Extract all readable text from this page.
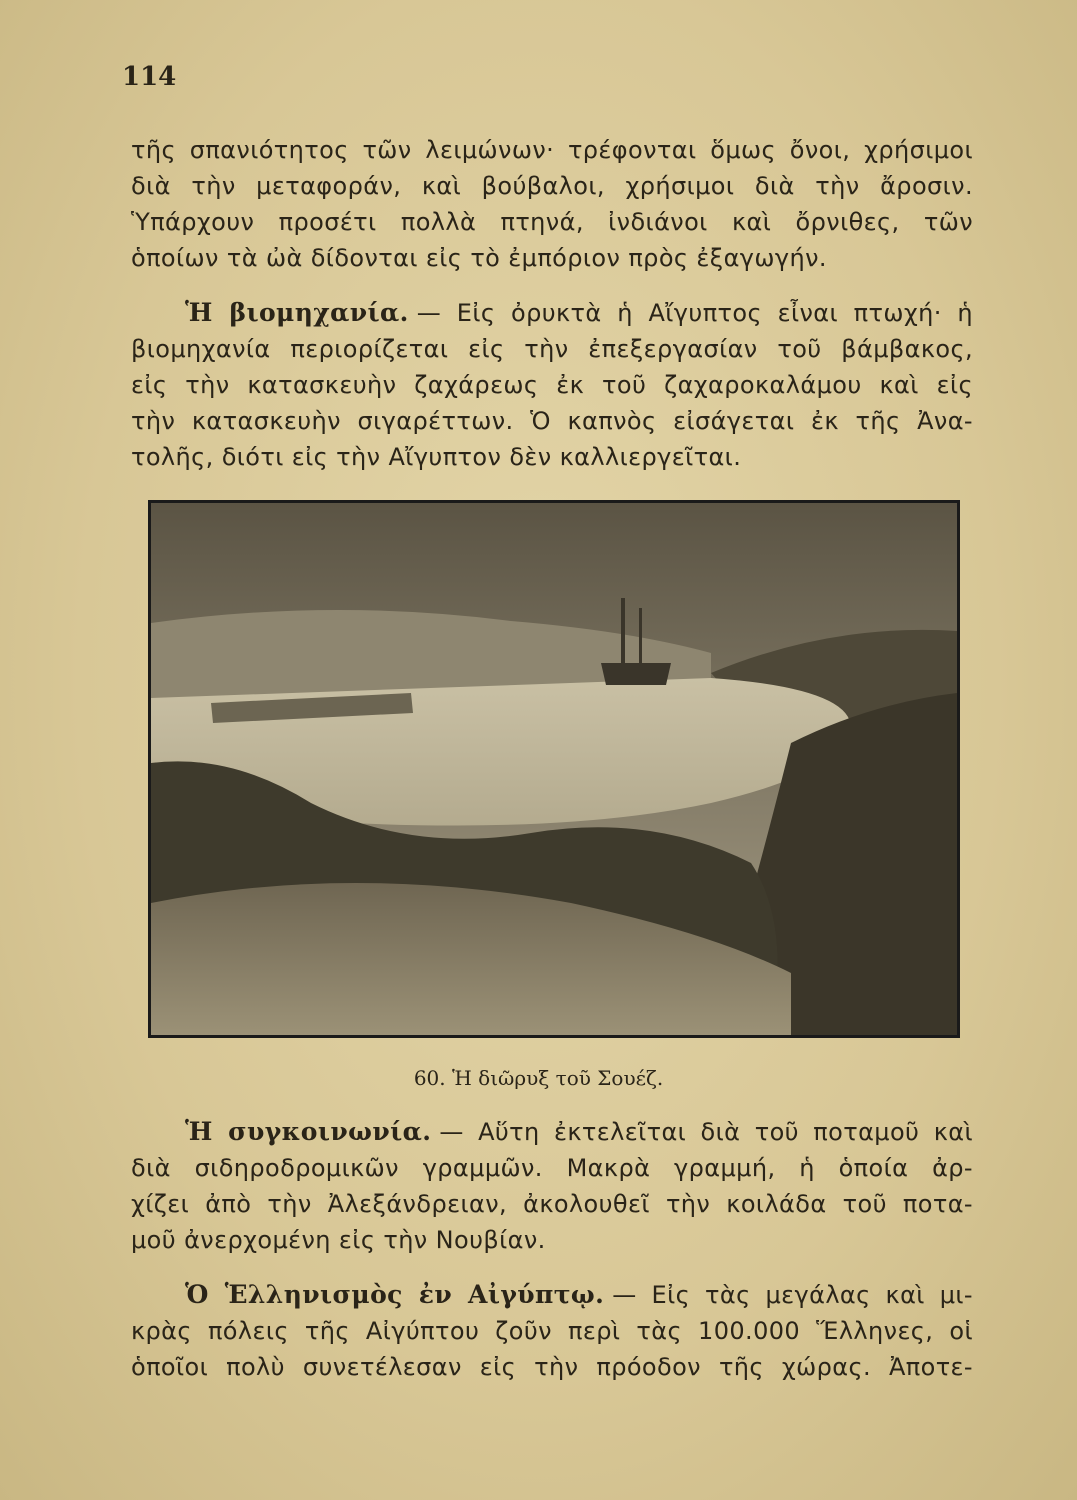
114
τῆς σπανιότητος τῶν λειμώνων· τρέφονται ὅμως ὄνοι, χρήσιμοι
διὰ τὴν μεταφοράν, καὶ βούβαλοι, χρήσιμοι διὰ τὴν ἄροσιν.
Ὑπάρχουν προσέτι πολλὰ πτηνά, ἰνδιάνοι καὶ ὄρνιθες, τῶν
ὁποίων τὰ ὠὰ δίδονται εἰς τὸ ἐμπόριον πρὸς ἐξαγωγήν.
Ἡ βιομηχανία. — Εἰς ὀρυκτὰ ἡ Αἴγυπτος εἶναι πτωχή· ἡ
βιομηχανία περιορίζεται εἰς τὴν ἐπεξεργασίαν τοῦ βάμβακος,
εἰς τὴν κατασκευὴν ζαχάρεως ἐκ τοῦ ζαχαροκαλάμου καὶ εἰς
τὴν κατασκευὴν σιγαρέττων. Ὁ καπνὸς εἰσάγεται ἐκ τῆς Ἀνα-
τολῆς, διότι εἰς τὴν Αἴγυπτον δὲν καλλιεργεῖται.
60. Ἡ διῶρυξ τοῦ Σουέζ.
Ἡ συγκοινωνία. — Αὕτη ἐκτελεῖται διὰ τοῦ ποταμοῦ καὶ
διὰ σιδηροδρομικῶν γραμμῶν. Μακρὰ γραμμή, ἡ ὁποία ἀρ-
χίζει ἀπὸ τὴν Ἀλεξάνδρειαν, ἀκολουθεῖ τὴν κοιλάδα τοῦ ποτα-
μοῦ ἀνερχομένη εἰς τὴν Νουβίαν.
Ὁ Ἑλληνισμὸς ἐν Αἰγύπτῳ. — Εἰς τὰς μεγάλας καὶ μι-
κρὰς πόλεις τῆς Αἰγύπτου ζοῦν περὶ τὰς 100.000 Ἕλληνες, οἱ
ὁποῖοι πολὺ συνετέλεσαν εἰς τὴν πρόοδον τῆς χώρας. Ἀποτε-
